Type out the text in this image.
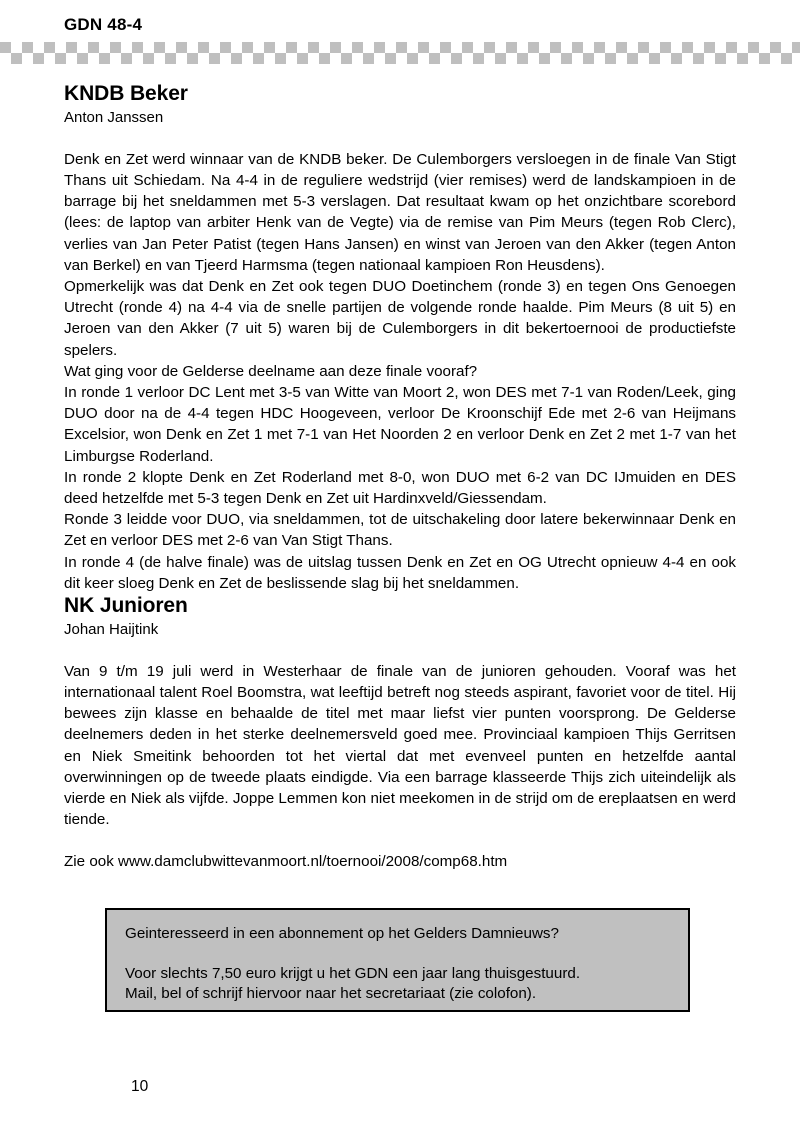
GDN 48-4
KNDB Beker
Anton Janssen

Denk en Zet werd winnaar van de KNDB beker. De Culemborgers versloegen in de finale Van Stigt Thans uit Schiedam. Na 4-4 in de reguliere wedstrijd (vier remises) werd de landskampioen in de barrage bij het sneldammen met 5-3 verslagen. Dat resultaat kwam op het onzichtbare scorebord (lees: de laptop van arbiter Henk van de Vegte) via de remise van Pim Meurs (tegen Rob Clerc), verlies van Jan Peter Patist (tegen Hans Jansen) en winst van Jeroen van den Akker (tegen Anton van Berkel) en van Tjeerd Harmsma (tegen nationaal kampioen Ron Heusdens).

Opmerkelijk was dat Denk en Zet ook tegen DUO Doetinchem (ronde 3) en tegen Ons Genoegen Utrecht (ronde 4) na 4-4 via de snelle partijen de volgende ronde haalde. Pim Meurs (8 uit 5) en Jeroen van den Akker (7 uit 5) waren bij de Culemborgers in dit bekertoernooi de productiefste spelers.

Wat ging voor de Gelderse deelname aan deze finale vooraf?

In ronde 1 verloor DC Lent met 3-5 van Witte van Moort 2, won DES met 7-1 van Roden/Leek, ging DUO door na de 4-4 tegen HDC Hoogeveen, verloor De Kroonschijf Ede met 2-6 van Heijmans Excelsior, won Denk en Zet 1 met 7-1 van Het Noorden 2 en verloor Denk en Zet 2 met 1-7 van het Limburgse Roderland.

In ronde 2 klopte Denk en Zet Roderland met 8-0, won DUO met 6-2 van DC IJmuiden en DES deed hetzelfde met 5-3 tegen Denk en Zet uit Hardinxveld/Giessendam.

Ronde 3 leidde voor DUO, via sneldammen, tot de uitschakeling door latere bekerwinnaar Denk en Zet en verloor DES met 2-6 van Van Stigt Thans.

In ronde 4 (de halve finale) was de uitslag tussen Denk en Zet en OG Utrecht opnieuw 4-4 en ook dit keer sloeg Denk en Zet de beslissende slag bij het sneldammen.

NK Junioren
Johan Haijtink

Van 9 t/m 19 juli werd in Westerhaar de finale van de junioren gehouden. Vooraf was het internationaal talent Roel Boomstra, wat leeftijd betreft nog steeds aspirant, favoriet voor de titel. Hij bewees zijn klasse en behaalde de titel met maar liefst vier punten voorsprong. De Gelderse deelnemers deden in het sterke deelnemersveld goed mee. Provinciaal kampioen Thijs Gerritsen en Niek Smeitink behoorden tot het viertal dat met evenveel punten en hetzelfde aantal overwinningen op de tweede plaats eindigde. Via een barrage klasseerde Thijs zich uiteindelijk als vierde en Niek als vijfde. Joppe Lemmen kon niet meekomen in de strijd om de ereplaatsen en werd tiende.

Zie ook www.damclubwittevanmoort.nl/toernooi/2008/comp68.htm

Geinteresseerd in een abonnement op het Gelders Damnieuws?

Voor slechts 7,50 euro krijgt u het GDN een jaar lang thuisgestuurd.

Mail, bel of schrijf hiervoor naar het secretariaat (zie colofon).

10
